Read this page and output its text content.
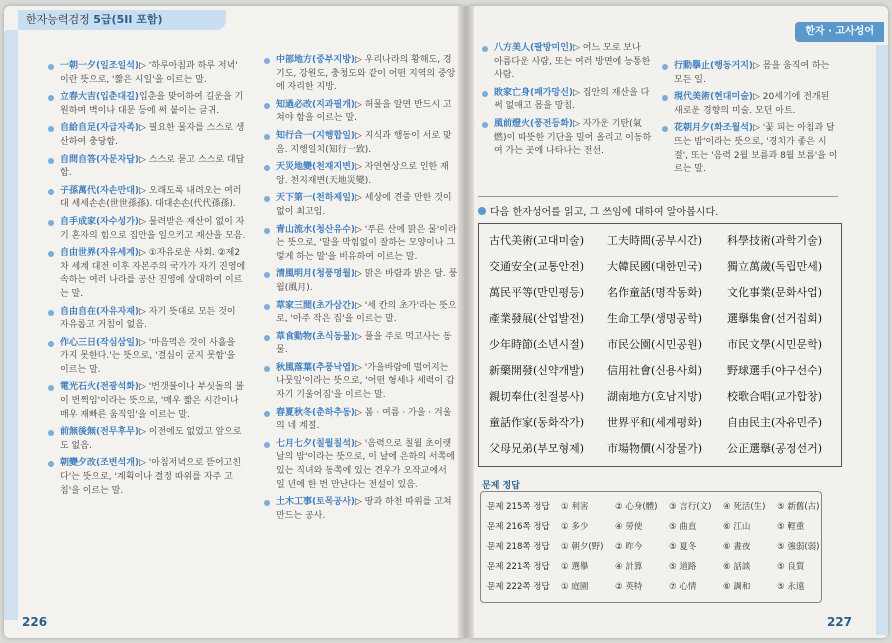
한자능력검정 5급(5II 포함)
한자 · 고사성어
一朝一夕(일조일석)▷ '하루아침과 하루 저녁' 이란 뜻으로, '짧은 시일'을 이르는 말.
立春大吉(입춘대길)입춘을 맞이하여 길운을 기원하며 벽이나 대문 등에 써 붙이는 글귀.
自給自足(자급자족)▷ 필요한 물자를 스스로 생산하여 충당함.
自問自答(자문자답)▷ 스스로 묻고 스스로 대답함.
子孫萬代(자손만대)▷ 오래도록 내려오는 여러 대 세세손손(世世孫孫). 대대손손(代代孫孫).
自手成家(자수성가)▷ 물려받은 재산이 없이 자기 혼자의 힘으로 집안을 일으키고 재산을 모음.
自由世界(자유세계)▷ ①자유로운 사회. ②제2차 세계 대전 이후 자본주의 국가가 자기 진영에 속하는 여러 나라를 공산 진영에 상대하여 이르는 말.
自由自在(자유자재)▷ 자기 뜻대로 모든 것이 자유롭고 거침이 없음.
作心三日(작심삼일)▷ '마음먹은 것이 사흘을 가지 못한다.'는 뜻으로, '결심이 굳지 못함'을 이르는 말.
電光石火(전광석화)▷ '번갯불이나 부싯돌의 불이 번쩍임'이라는 뜻으로, '매우 짧은 시간이나 매우 재빠른 움직임'을 이르는 말.
前無後無(전무후무)▷ 이전에도 없었고 앞으로도 없음.
朝變夕改(조변석개)▷ '아침저녁으로 뜯어고친다'는 뜻으로, '계획이나 결정 따위를 자주 고침'을 이르는 말.
中部地方(중부지방)▷ 우리나라의 황해도, 경기도, 강원도, 충청도와 같이 어떤 지역의 중앙에 자리한 지방.
知過必改(지과필개)▷ 허물을 알면 반드시 고쳐야 함을 이르는 말.
知行合一(지행합일)▷ 지식과 행동이 서로 맞음. 지행일치(知行一致).
天災地變(천재지변)▷ 자연현상으로 인한 재앙. 천지재변(天地災變).
天下第一(천하제일)▷ 세상에 견줄 만한 것이 없이 최고임.
青山流水(청산유수)▷ '푸른 산에 맑은 물'이라는 뜻으로, '말을 막힘없이 잘하는 모양이나 그렇게 하는 말'을 비유하여 이르는 말.
清風明月(청풍명월)▷ 맑은 바람과 밝은 달. 풍월(風月).
草家三間(초가삼간)▷ '세 칸의 초가'라는 뜻으로, '아주 작은 집'을 이르는 말.
草食動物(초식동물)▷ 풀을 주로 먹고사는 동물.
秋風落葉(추풍낙엽)▷ '가을바람에 떨어지는 나뭇잎'이라는 뜻으로, '어떤 형세나 세력이 갑자기 기울어짐'을 이르는 말.
春夏秋冬(춘하추동)▷ 봄 · 여름 · 가을 · 겨울의 네 계절.
七月七夕(칠월칠석)▷ '음력으로 칠월 초이렛날의 밤'이라는 뜻으로, 이 날에 은하의 서쪽에 있는 직녀와 동쪽에 있는 견우가 오작교에서 일 년에 한 번 만난다는 전설이 있음.
土木工事(토목공사)▷ 땅과 하천 따위를 고쳐 만드는 공사.
八方美人(팔방미인)▷ 어느 모로 보나 아름다운 사람, 또는 여러 방면에 능통한 사람.
敗家亡身(패가망신)▷ 집안의 재산을 다 써 없애고 몸을 망침.
風前燈火(풍전등화)▷ 자가운 기탄(氣燃)이 따뜻한 기단을 밀어 올리고 이동하여 가는 곳에 나타나는 전선.
行動擧止(행동거지)▷ 몸을 움직여 하는 모든 일.
現代美術(현대미술)▷ 20세기에 전개된 새로운 경향의 미술. 모던 아트.
花朝月夕(화조월석)▷ '꽃 피는 아침과 달 뜨는 밤'이라는 뜻으로, '경치가 좋은 시절', 또는 '음력 2월 보름과 8월 보름'을 이르는 말.
다음 한자성어를 읽고, 그 쓰임에 대하여 알아봅시다.
古代美術(고대미술) 工夫時間(공부시간) 科學技術(과학기술)
交通安全(교통안전) 大韓民國(대한민국) 獨立萬歲(독립만세)
萬民平等(만민평등) 名作童話(명작동화) 文化事業(문화사업)
產業發展(산업발전) 生命工學(생명공학) 選擧集會(선거집회)
少年時節(소년시절) 市民公園(시민공원) 市民文學(시민문학)
新藥開發(신약개발) 信用社會(신용사회) 野球選手(야구선수)
親切奉仕(친절봉사) 湖南地方(호남지방) 校歌合唱(교가합창)
童話作家(동화작가) 世界平和(세계평화) 自由民主(자유민주)
父母兄弟(부모형제) 市場物價(시장물가) 公正選擧(공정선거)
문제 정답
문제 215쪽 정답 ① 利害	② 心身(體) ③ 言行(文) ④ 死活(生) ⑤ 新舊(古)
문제 216쪽 정답 ① 多少	④ 勞使	⑤ 曲直	⑥ 江山	⑤ 輕重
문제 218쪽 정답 ① 朝夕(野) ② 昨今	⑤ 夏冬	⑥ 晝夜	⑤ 強弱(弱)
문제 221쪽 정답 ① 選擧	④ 計算	⑤ 道路	⑥ 話談	⑤ 良質
문제 222쪽 정답 ① 庭園	② 英特	⑦ 心情	⑥ 調和	⑤ 永遠
226	227
